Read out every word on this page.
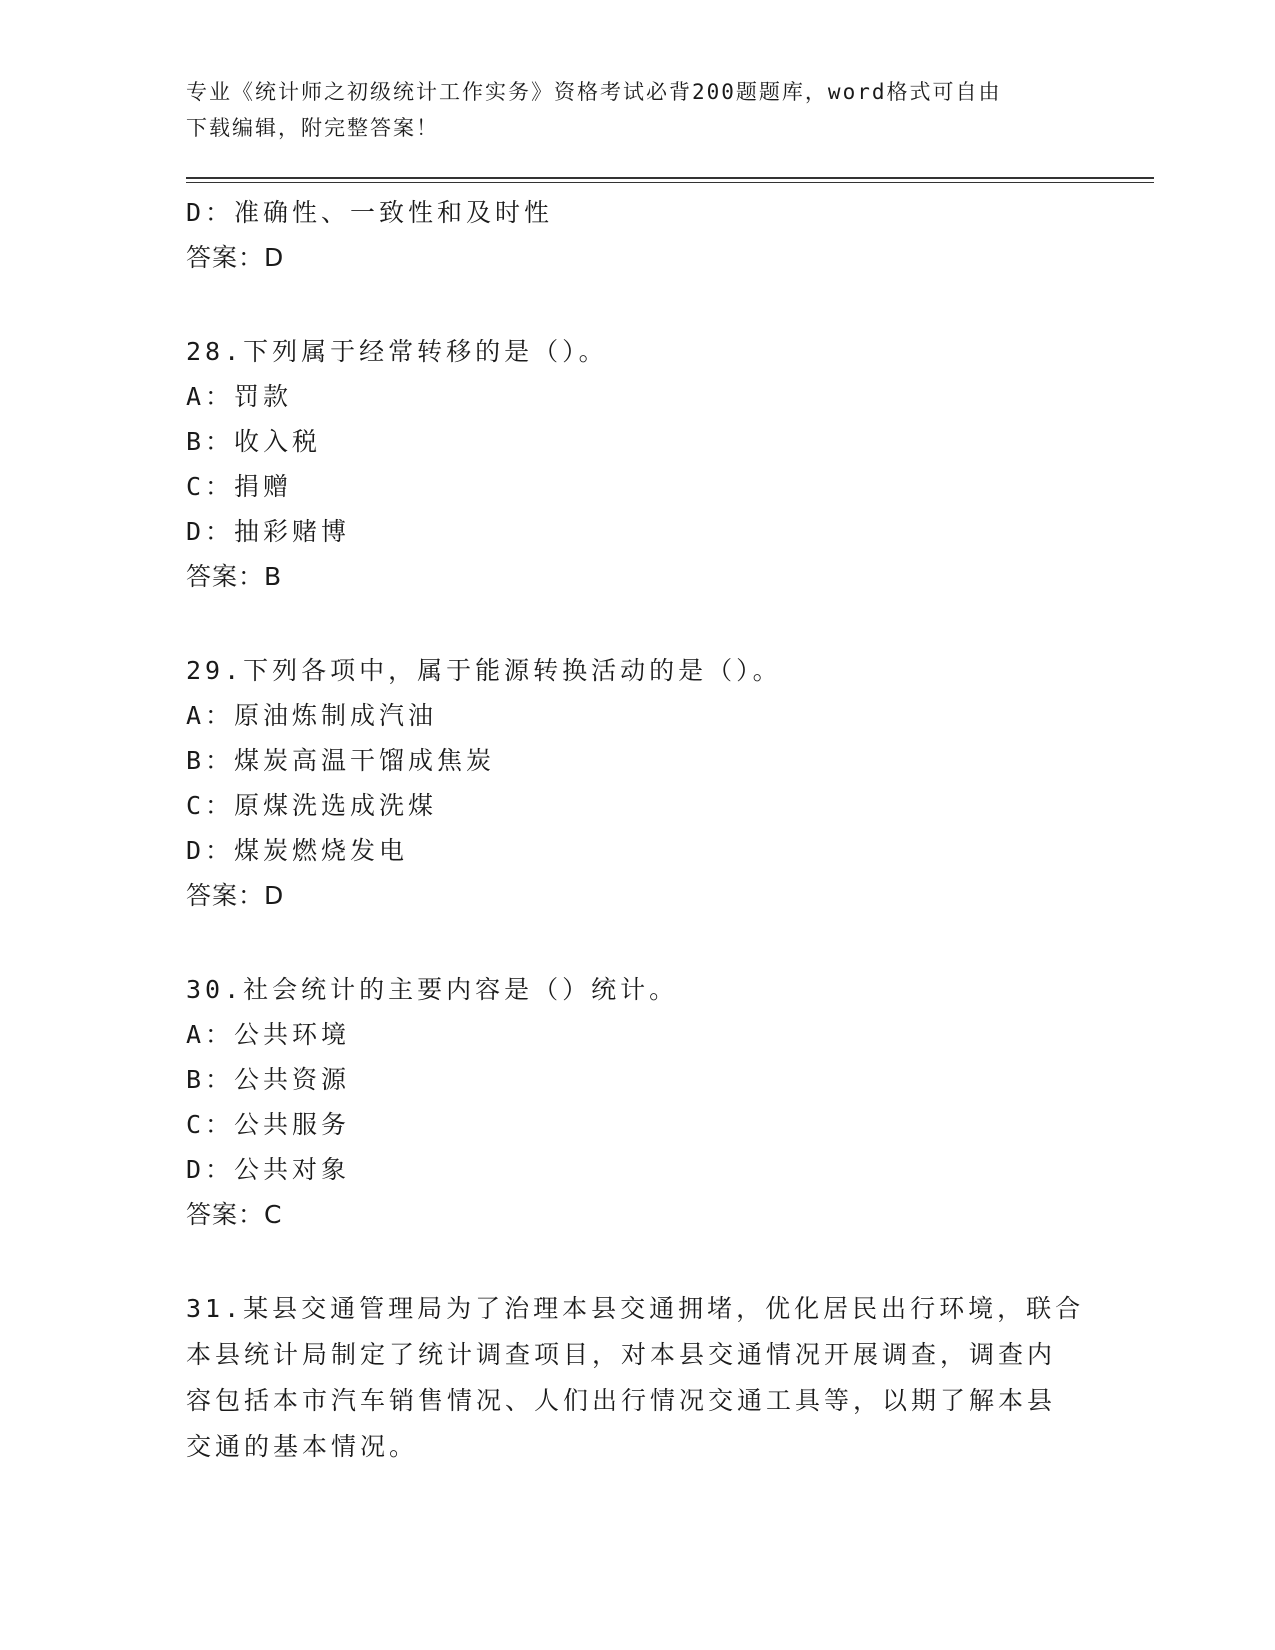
专业《统计师之初级统计工作实务》资格考试必背200题题库，word格式可自由
下载编辑，附完整答案！
D：准确性、一致性和及时性
答案：D
28.下列属于经常转移的是（）。
A：罚款
B：收入税
C：捐赠
D：抽彩赌博
答案：B
29.下列各项中，属于能源转换活动的是（）。
A：原油炼制成汽油
B：煤炭高温干馏成焦炭
C：原煤洗选成洗煤
D：煤炭燃烧发电
答案：D
30.社会统计的主要内容是（）统计。
A：公共环境
B：公共资源
C：公共服务
D：公共对象
答案：C
31.某县交通管理局为了治理本县交通拥堵，优化居民出行环境，联合
本县统计局制定了统计调查项目，对本县交通情况开展调查，调查内
容包括本市汽车销售情况、人们出行情况交通工具等，以期了解本县
交通的基本情况。
